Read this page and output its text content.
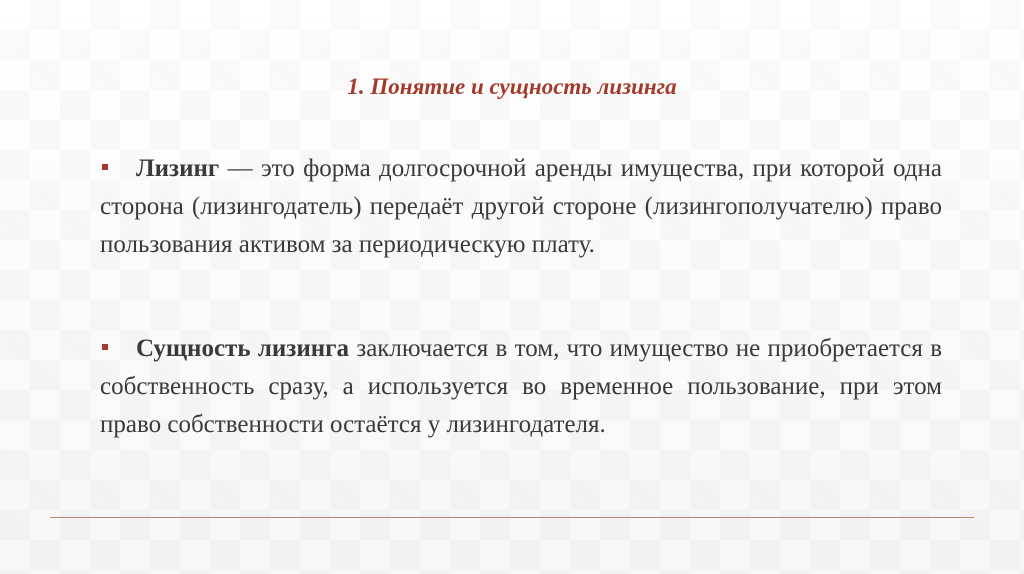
1. Понятие и сущность лизинга
Лизинг — это форма долгосрочной аренды имущества, при которой одна сторона (лизингодатель) передаёт другой стороне (лизингополучателю) право пользования активом за периодическую плату.
Сущность лизинга заключается в том, что имущество не приобретается в собственность сразу, а используется во временное пользование, при этом право собственности остаётся у лизингодателя.
